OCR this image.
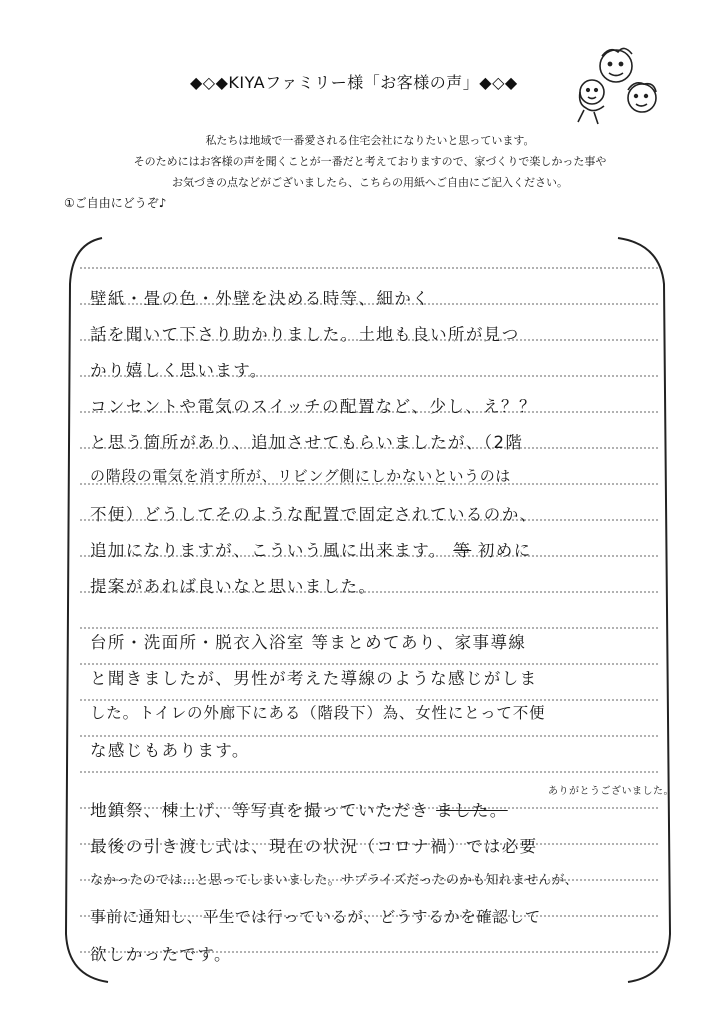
◆◇◆KIYAファミリー様「お客様の声」◆◇◆
私たちは地域で一番愛される住宅会社になりたいと思っています。
そのためにはお客様の声を聞くことが一番だと考えておりますので、家づくりで楽しかった事や
お気づきの点などがございましたら、こちらの用紙へご自由にご記入ください。
①ご自由にどうぞ♪
壁紙・畳の色・外壁を決める時等、細かく
話を聞いて下さり助かりました。土地も良い所が見つ
かり嬉しく思います。
コンセントや電気のスイッチの配置など、少し、え？？
と思う箇所があり、追加させてもらいましたが、（2階
の階段の電気を消す所が、リビング側にしかないというのは
不便）どうしてそのような配置で固定されているのか、
追加になりますが、こういう風に出来ます。 等 初めに
提案があれば良いなと思いました。
台所・洗面所・脱衣入浴室 等まとめてあり、家事導線
と聞きましたが、男性が考えた導線のような感じがしま
した。トイレの外廊下にある（階段下）為、女性にとって不便
な感じもあります。
ありがとうございました。
地鎮祭、棟上げ、等写真を撮っていただき ました。
最後の引き渡し式は、現在の状況（コロナ禍）では必要
なかったのでは…と思ってしまいました。サプライズだったのかも知れませんが、
事前に通知し、平生では行っているが、どうするかを確認して
欲しかったです。
